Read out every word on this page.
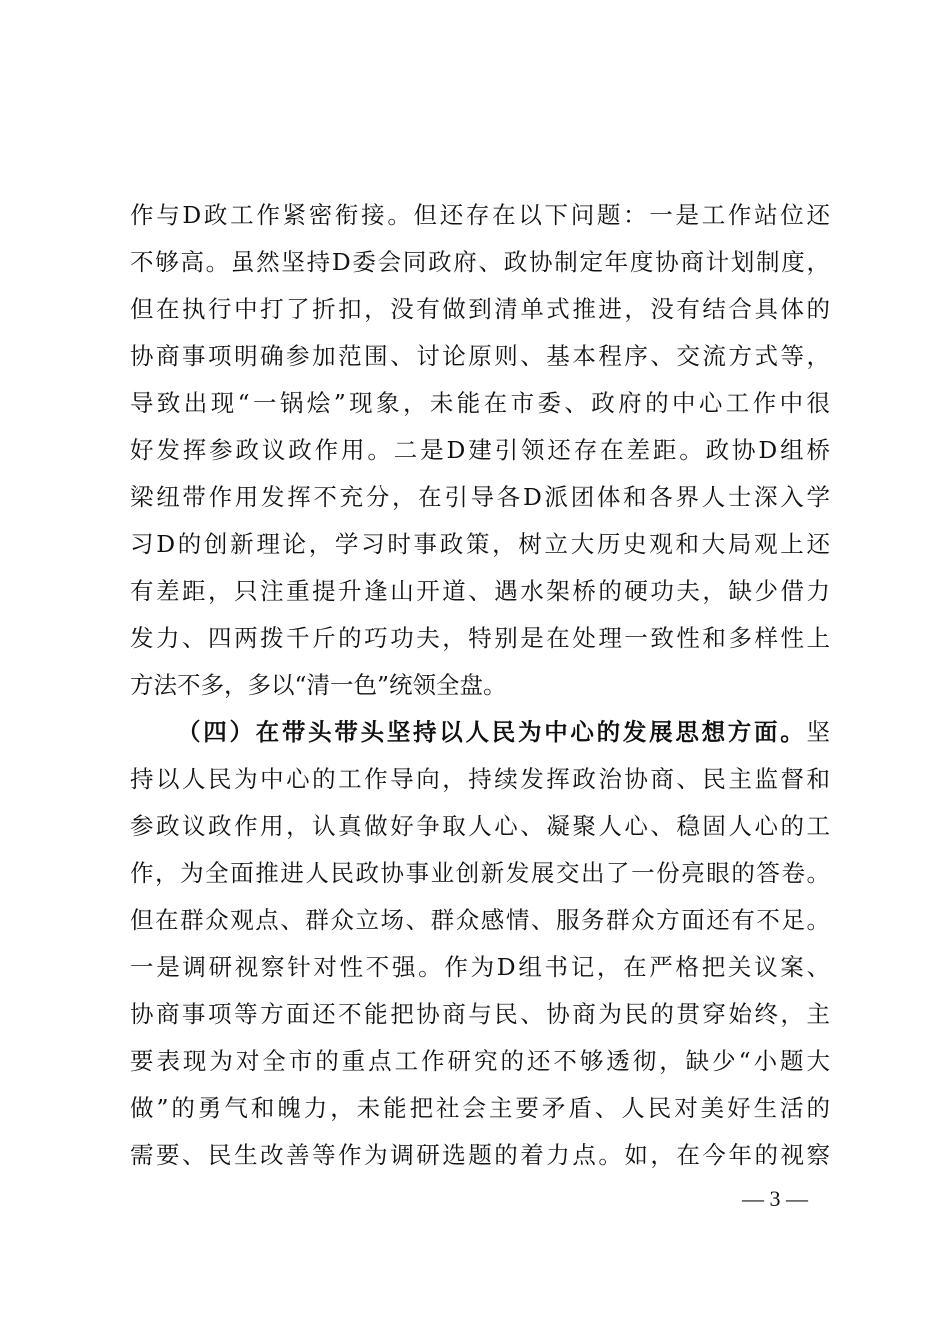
作与D政工作紧密衔接。但还存在以下问题：一是工作站位还
不够高。虽然坚持D委会同政府、政协制定年度协商计划制度，
但在执行中打了折扣，没有做到清单式推进，没有结合具体的
协商事项明确参加范围、讨论原则、基本程序、交流方式等，
导致出现“一锅烩”现象，未能在市委、政府的中心工作中很
好发挥参政议政作用。二是D建引领还存在差距。政协D组桥
梁纽带作用发挥不充分，在引导各D派团体和各界人士深入学
习D的创新理论，学习时事政策，树立大历史观和大局观上还
有差距，只注重提升逢山开道、遇水架桥的硬功夫，缺少借力
发力、四两拨千斤的巧功夫，特别是在处理一致性和多样性上
方法不多，多以“清一色”统领全盘。
（四）在带头带头坚持以人民为中心的发展思想方面。坚
持以人民为中心的工作导向，持续发挥政治协商、民主监督和
参政议政作用，认真做好争取人心、凝聚人心、稳固人心的工
作，为全面推进人民政协事业创新发展交出了一份亮眼的答卷。
但在群众观点、群众立场、群众感情、服务群众方面还有不足。
一是调研视察针对性不强。作为D组书记，在严格把关议案、
协商事项等方面还不能把协商与民、协商为民的贯穿始终，主
要表现为对全市的重点工作研究的还不够透彻，缺少“小题大
做”的勇气和魄力，未能把社会主要矛盾、人民对美好生活的
需要、民生改善等作为调研选题的着力点。如，在今年的视察
— 3 —
